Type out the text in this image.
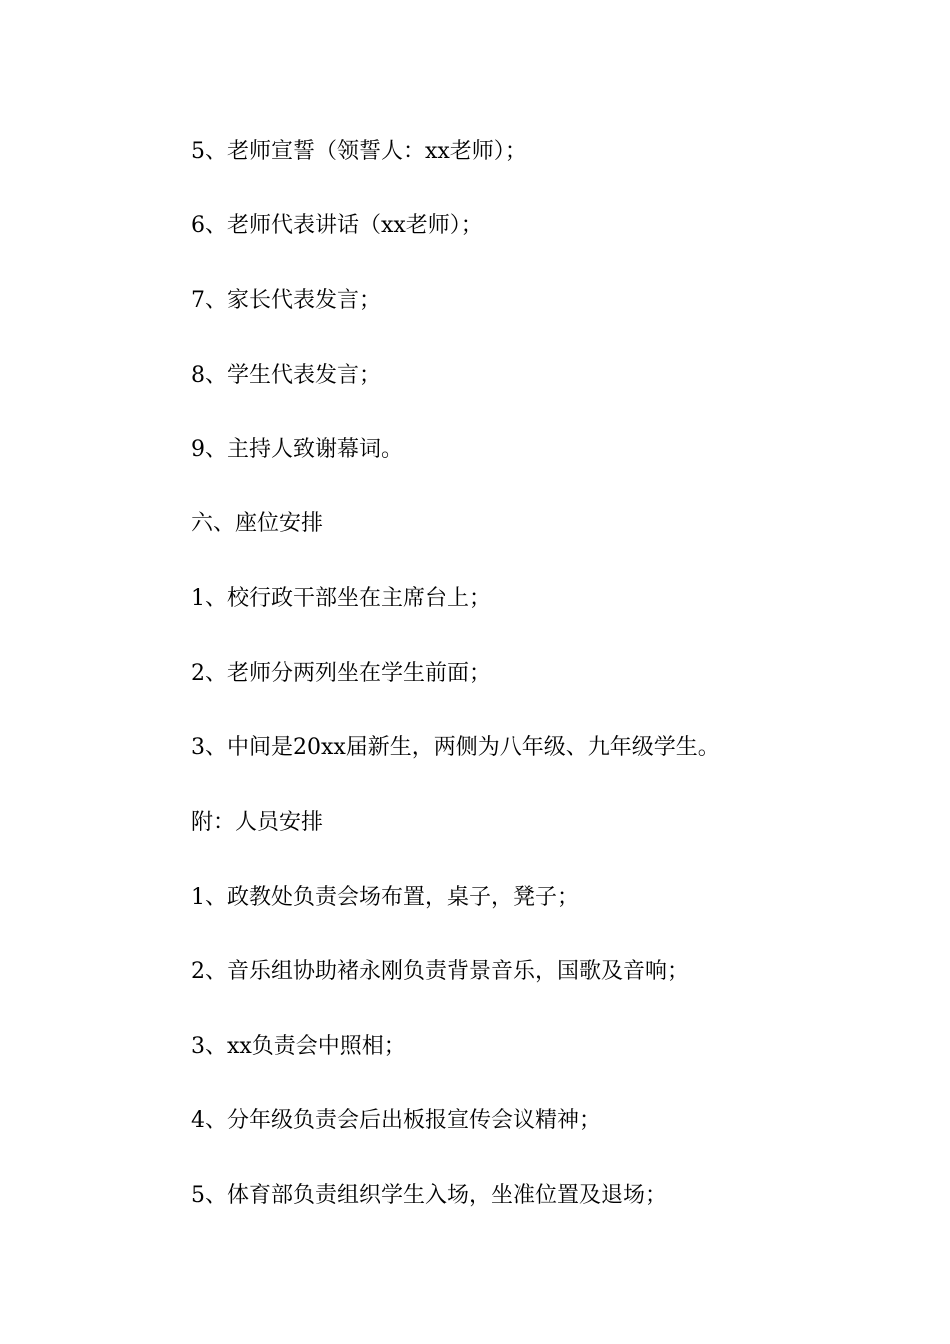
5、老师宣誓（领誓人：xx老师）；
6、老师代表讲话（xx老师）；
7、家长代表发言；
8、学生代表发言；
9、主持人致谢幕词。
六、座位安排
1、校行政干部坐在主席台上；
2、老师分两列坐在学生前面；
3、中间是20xx届新生，两侧为八年级、九年级学生。
附：人员安排
1、政教处负责会场布置，桌子，凳子；
2、音乐组协助褚永刚负责背景音乐，国歌及音响；
3、xx负责会中照相；
4、分年级负责会后出板报宣传会议精神；
5、体育部负责组织学生入场，坐准位置及退场；
